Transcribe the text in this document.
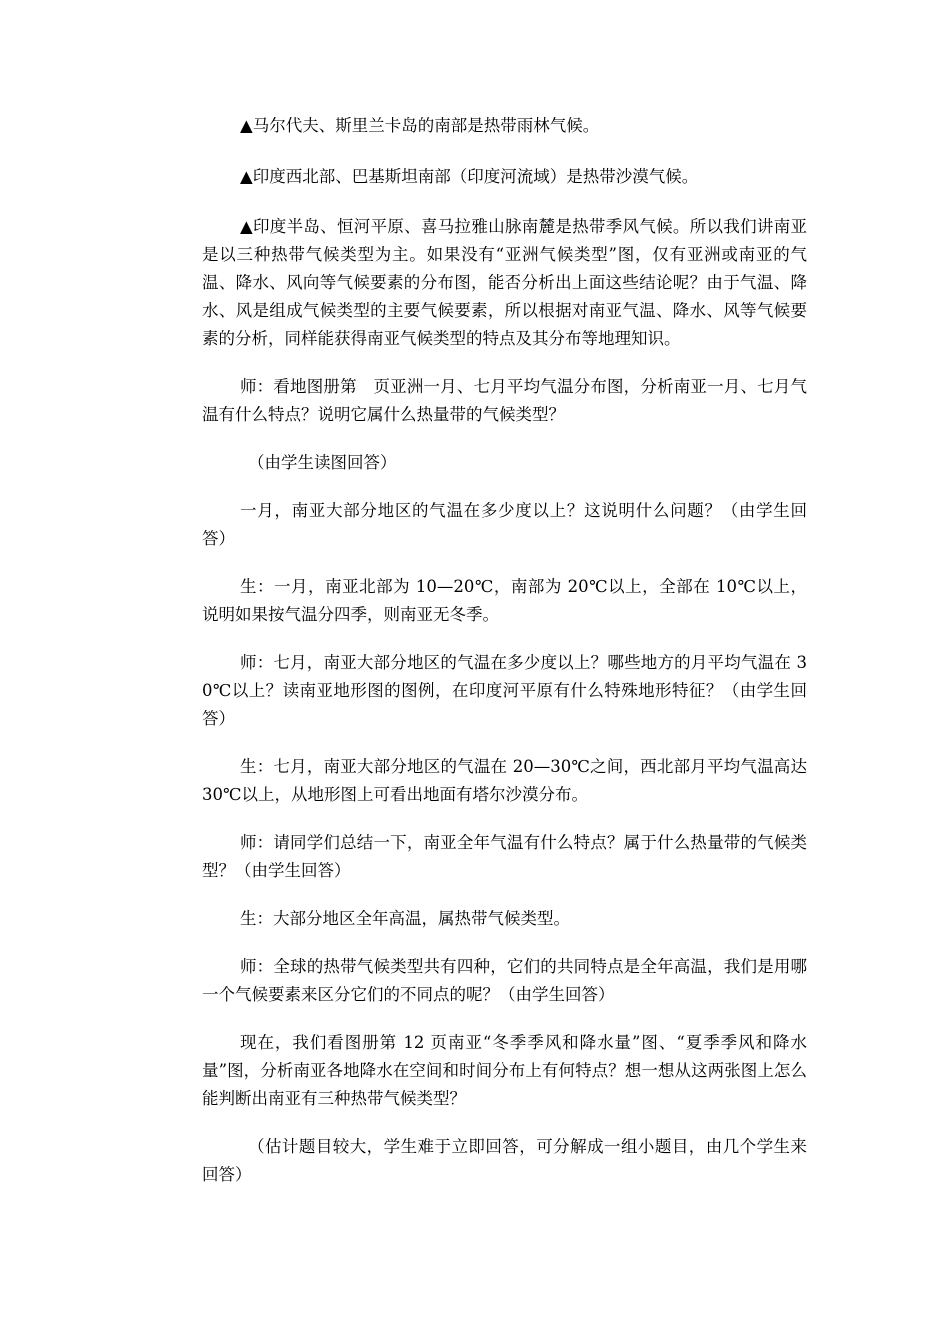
▲马尔代夫、斯里兰卡岛的南部是热带雨林气候。

▲印度西北部、巴基斯坦南部（印度河流域）是热带沙漠气候。

▲印度半岛、恒河平原、喜马拉雅山脉南麓是热带季风气候。所以我们讲南亚是以三种热带气候类型为主。如果没有“亚洲气候类型”图，仅有亚洲或南亚的气温、降水、风向等气候要素的分布图，能否分析出上面这些结论呢？由于气温、降水、风是组成气候类型的主要气候要素，所以根据对南亚气温、降水、风等气候要素的分析，同样能获得南亚气候类型的特点及其分布等地理知识。

师：看地图册第　页亚洲一月、七月平均气温分布图，分析南亚一月、七月气温有什么特点？说明它属什么热量带的气候类型？

（由学生读图回答）

一月，南亚大部分地区的气温在多少度以上？这说明什么问题？（由学生回答）

生：一月，南亚北部为 10—20℃，南部为 20℃以上，全部在 10℃以上，说明如果按气温分四季，则南亚无冬季。

师：七月，南亚大部分地区的气温在多少度以上？哪些地方的月平均气温在 30℃以上？读南亚地形图的图例，在印度河平原有什么特殊地形特征？（由学生回答）

生：七月，南亚大部分地区的气温在 20—30℃之间，西北部月平均气温高达 30℃以上，从地形图上可看出地面有塔尔沙漠分布。

师：请同学们总结一下，南亚全年气温有什么特点？属于什么热量带的气候类型？（由学生回答）

生：大部分地区全年高温，属热带气候类型。

师：全球的热带气候类型共有四种，它们的共同特点是全年高温，我们是用哪一个气候要素来区分它们的不同点的呢？（由学生回答）

现在，我们看图册第 12 页南亚“冬季季风和降水量”图、“夏季季风和降水量”图，分析南亚各地降水在空间和时间分布上有何特点？想一想从这两张图上怎么能判断出南亚有三种热带气候类型？

（估计题目较大，学生难于立即回答，可分解成一组小题目，由几个学生来回答）
